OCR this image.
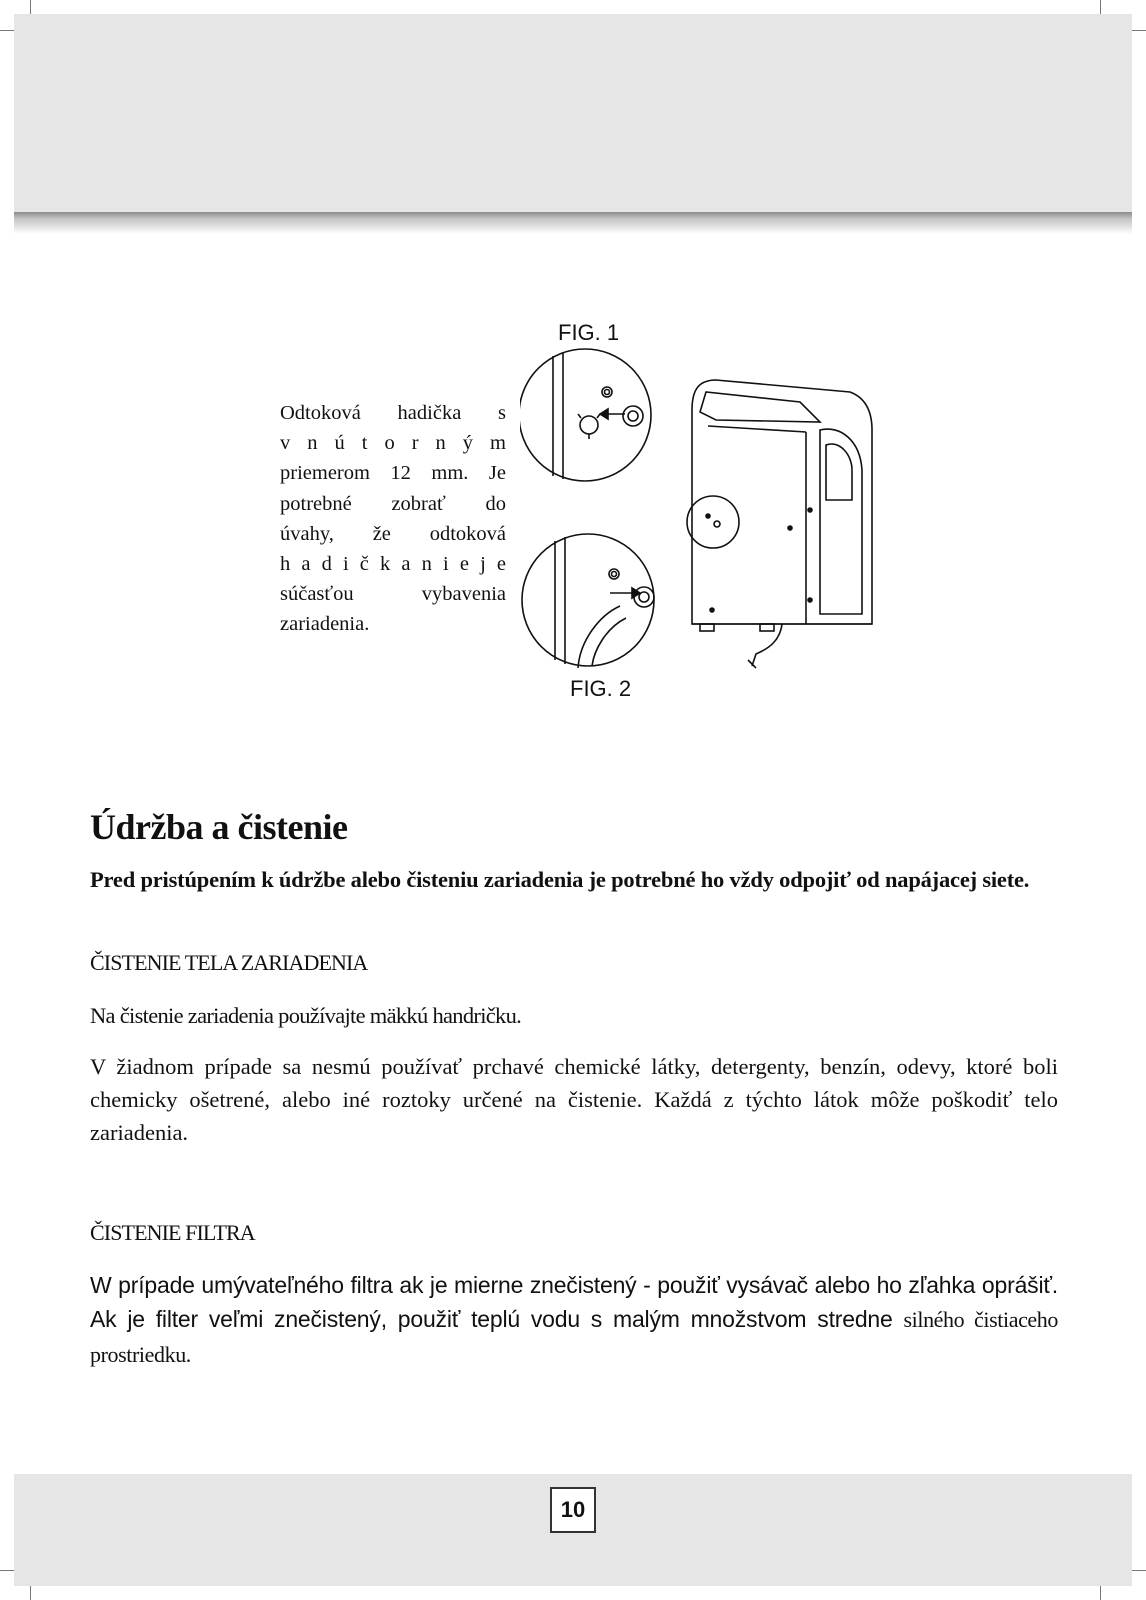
FIG. 1
FIG. 2

Odtoková hadička s

v n ú t o r n ý m

priemerom 12 mm. Je

potrebné zobrať do

úvahy, že odtoková

h a d i č k a n i e j e

súčasťou vybavenia

zariadenia.

Údržba a čistenie

Pred pristúpením k údržbe alebo čisteniu zariadenia je potrebné ho vždy odpojiť od napájacej siete.

ČISTENIE TELA ZARIADENIA

Na čistenie zariadenia používajte mäkkú handričku.

V žiadnom prípade sa nesmú používať prchavé chemické látky, detergenty, benzín, odevy, ktoré boli chemicky ošetrené, alebo iné roztoky určené na čistenie. Každá z týchto látok môže poškodiť telo zariadenia.

ČISTENIE FILTRA

W prípade umývateľného filtra ak je mierne znečistený - použiť vysávač alebo ho zľahka oprášiť. Ak je filter veľmi znečistený, použiť teplú vodu s malým množstvom stredne silného čistiaceho prostriedku.

10
